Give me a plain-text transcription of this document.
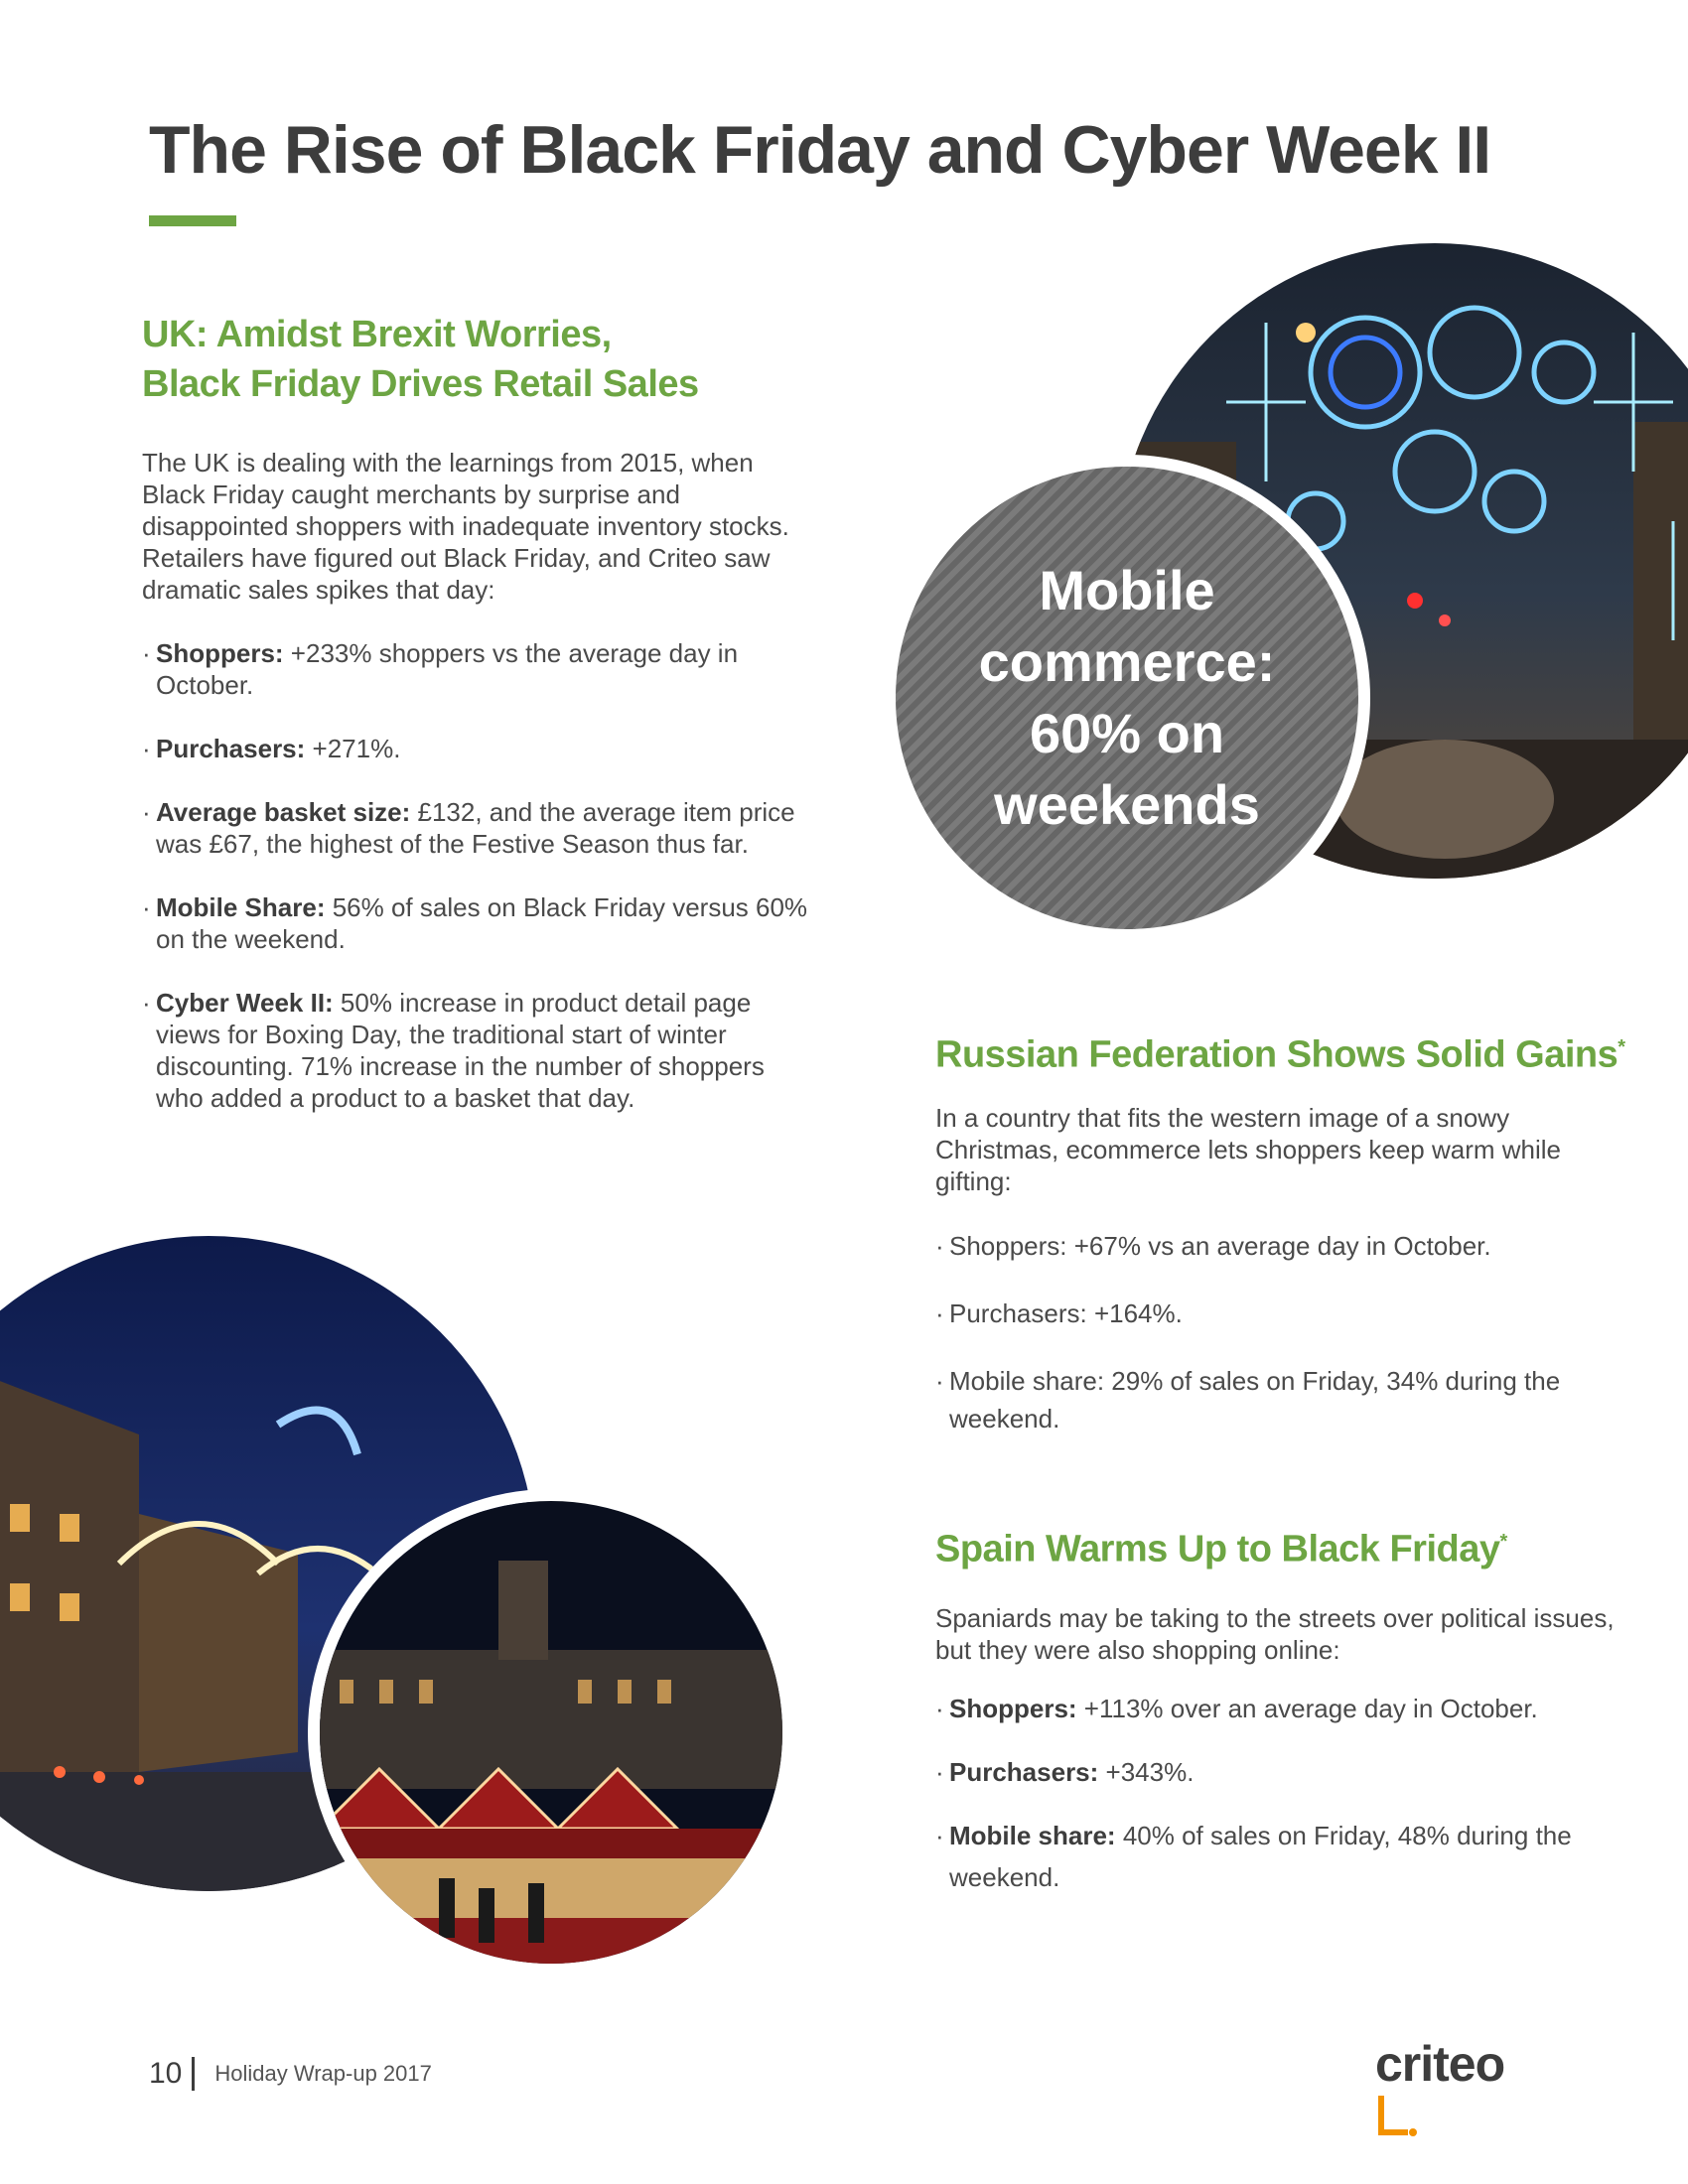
The Rise of Black Friday and Cyber Week II
UK: Amidst Brexit Worries,
Black Friday Drives Retail Sales

The UK is dealing with the learnings from 2015, when Black Friday caught merchants by surprise and disappointed shoppers with inadequate inventory stocks. Retailers have figured out Black Friday, and Criteo saw dramatic sales spikes that day:

· Shoppers: +233% shoppers vs the average day in October.
· Purchasers: +271%.
· Average basket size: £132, and the average item price was £67, the highest of the Festive Season thus far.
· Mobile Share: 56% of sales on Black Friday versus 60% on the weekend.
· Cyber Week II: 50% increase in product detail page views for Boxing Day, the traditional start of winter discounting. 71% increase in the number of shoppers who added a product to a basket that day.
Mobile
commerce:
60% on
weekends
Russian Federation Shows Solid Gains*

In a country that fits the western image of a snowy Christmas, ecommerce lets shoppers keep warm while gifting:

· Shoppers: +67% vs an average day in October.
· Purchasers: +164%.
· Mobile share: 29% of sales on Friday, 34% during the weekend.
Spain Warms Up to Black Friday*

Spaniards may be taking to the streets over political issues, but they were also shopping online:

· Shoppers: +113% over an average day in October.
· Purchasers: +343%.
· Mobile share: 40% of sales on Friday, 48% during the weekend.
10 Holiday Wrap-up 2017	criteo
